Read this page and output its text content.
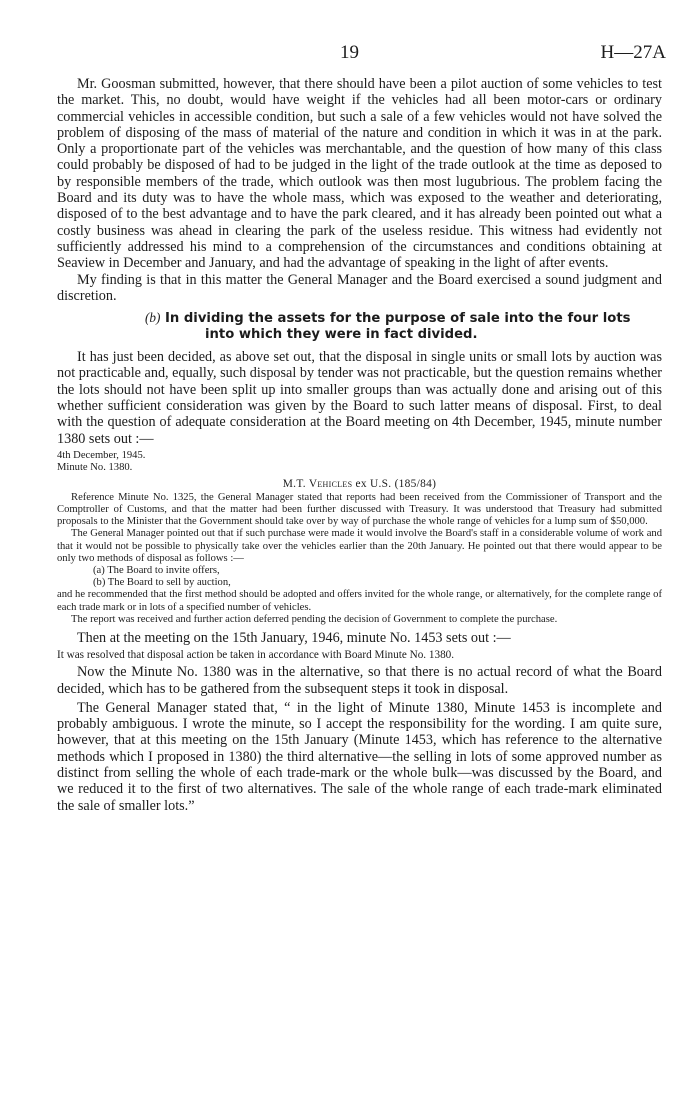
19	H—27A

Mr. Goosman submitted, however, that there should have been a pilot auction of some vehicles to test the market. This, no doubt, would have weight if the vehicles had all been motor-cars or ordinary commercial vehicles in accessible condition, but such a sale of a few vehicles would not have solved the problem of disposing of the mass of material of the nature and condition in which it was in at the park. Only a proportionate part of the vehicles was merchantable, and the question of how many of this class could probably be disposed of had to be judged in the light of the trade outlook at the time as deposed to by responsible members of the trade, which outlook was then most lugubrious. The problem facing the Board and its duty was to have the whole mass, which was exposed to the weather and deteriorating, disposed of to the best advantage and to have the park cleared, and it has already been pointed out what a costly business was ahead in clearing the park of the useless residue. This witness had evidently not sufficiently addressed his mind to a comprehension of the circumstances and conditions obtaining at Seaview in December and January, and had the advantage of speaking in the light of after events.

My finding is that in this matter the General Manager and the Board exercised a sound judgment and discretion.

(b) In dividing the assets for the purpose of sale into the four lots
into which they were in fact divided.

It has just been decided, as above set out, that the disposal in single units or small lots by auction was not practicable and, equally, such disposal by tender was not practicable, but the question remains whether the lots should not have been split up into smaller groups than was actually done and arising out of this whether sufficient consideration was given by the Board to such latter means of disposal. First, to deal with the question of adequate consideration at the Board meeting on 4th December, 1945, minute number 1380 sets out :—

4th December, 1945.
Minute No. 1380.
M.T. Vehicles ex U.S. (185/84)

Reference Minute No. 1325, the General Manager stated that reports had been received from the Commissioner of Transport and the Comptroller of Customs, and that the matter had been further discussed with Treasury. It was understood that Treasury had submitted proposals to the Minister that the Government should take over by way of purchase the whole range of vehicles for a lump sum of $50,000.

The General Manager pointed out that if such purchase were made it would involve the Board's staff in a considerable volume of work and that it would not be possible to physically take over the vehicles earlier than the 20th January. He pointed out that there would appear to be only two methods of disposal as follows :—

(a) The Board to invite offers,

(b) The Board to sell by auction,

and he recommended that the first method should be adopted and offers invited for the whole range, or alternatively, for the complete range of each trade mark or in lots of a specified number of vehicles.

The report was received and further action deferred pending the decision of Government to complete the purchase.

Then at the meeting on the 15th January, 1946, minute No. 1453 sets out :—

It was resolved that disposal action be taken in accordance with Board Minute No. 1380.

Now the Minute No. 1380 was in the alternative, so that there is no actual record of what the Board decided, which has to be gathered from the subsequent steps it took in disposal.

The General Manager stated that, “ in the light of Minute 1380, Minute 1453 is incomplete and probably ambiguous. I wrote the minute, so I accept the responsibility for the wording. I am quite sure, however, that at this meeting on the 15th January (Minute 1453, which has reference to the alternative methods which I proposed in 1380) the third alternative—the selling in lots of some approved number as distinct from selling the whole of each trade-mark or the whole bulk—was discussed by the Board, and we reduced it to the first of two alternatives. The sale of the whole range of each trade-mark eliminated the sale of smaller lots.”
